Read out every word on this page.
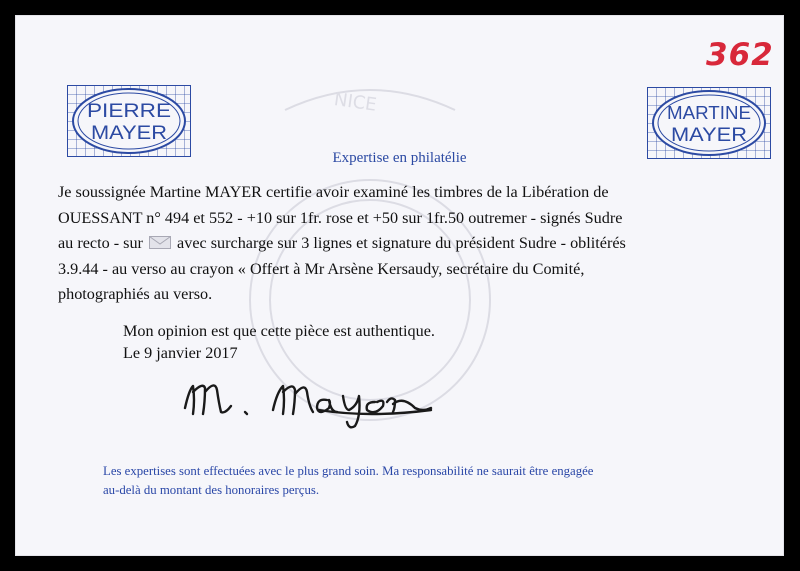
NICE
362
PIERRE
MAYER
MARTINE
MAYER
Expertise en philatélie
Je soussignée Martine MAYER certifie avoir examiné les timbres de la Libération de
OUESSANT n° 494 et 552 - +10 sur 1fr. rose et +50 sur 1fr.50 outremer - signés Sudre
au recto - sur avec surcharge sur 3 lignes et signature du président Sudre - oblitérés
3.9.44 - au verso au crayon « Offert à Mr Arsène Kersaudy, secrétaire du Comité,
photographiés au verso.
Mon opinion est que cette pièce est authentique.
Le 9 janvier 2017
Les expertises sont effectuées avec le plus grand soin. Ma responsabilité ne saurait être engagée
au-delà du montant des honoraires perçus.
